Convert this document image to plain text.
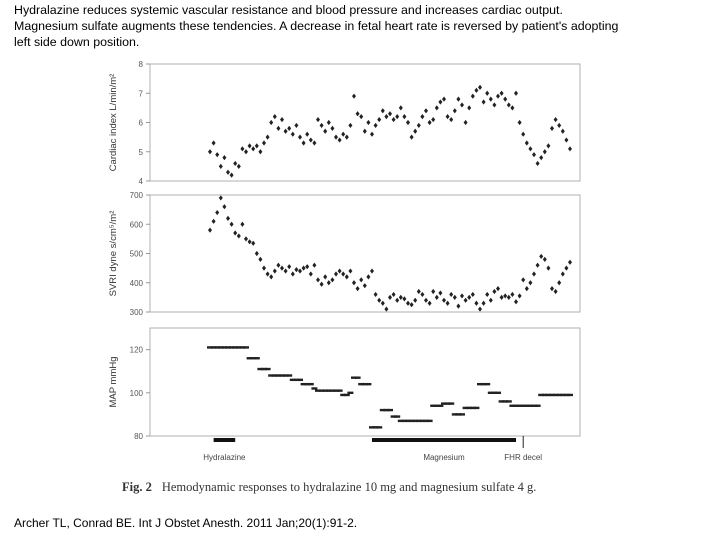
Hydralazine reduces systemic vascular resistance and blood pressure and increases cardiac output.
Magnesium sulfate augments these tendencies. A decrease in fetal heart rate is reversed by patient's adopting
left side down position.
4
5
6
7
8
Cardiac index L/min/m²
300
400
500
600
700
SVRI dyne s/cm⁵/m²
80
100
120
MAP mmHg
Hydralazine	Magnesium	FHR decel
Fig. 2 Hemodynamic responses to hydralazine 10 mg and magnesium sulfate 4 g.
Archer TL, Conrad BE. Int J Obstet Anesth. 2011 Jan;20(1):91-2.
